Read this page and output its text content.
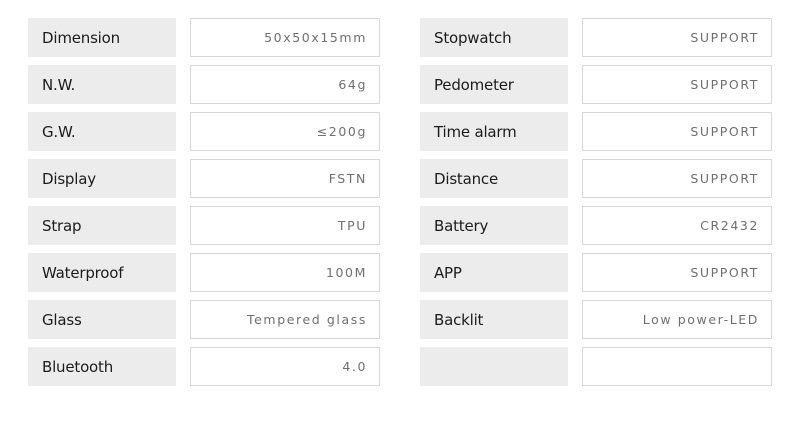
Dimension	50x50x15mm
N.W.	64g
G.W.	≤200g
Display	FSTN
Strap	TPU
Waterproof	100M
Glass	Tempered glass
Bluetooth	4.0
Stopwatch	SUPPORT
Pedometer	SUPPORT
Time alarm	SUPPORT
Distance	SUPPORT
Battery	CR2432
APP	SUPPORT
Backlit	Low power-LED
